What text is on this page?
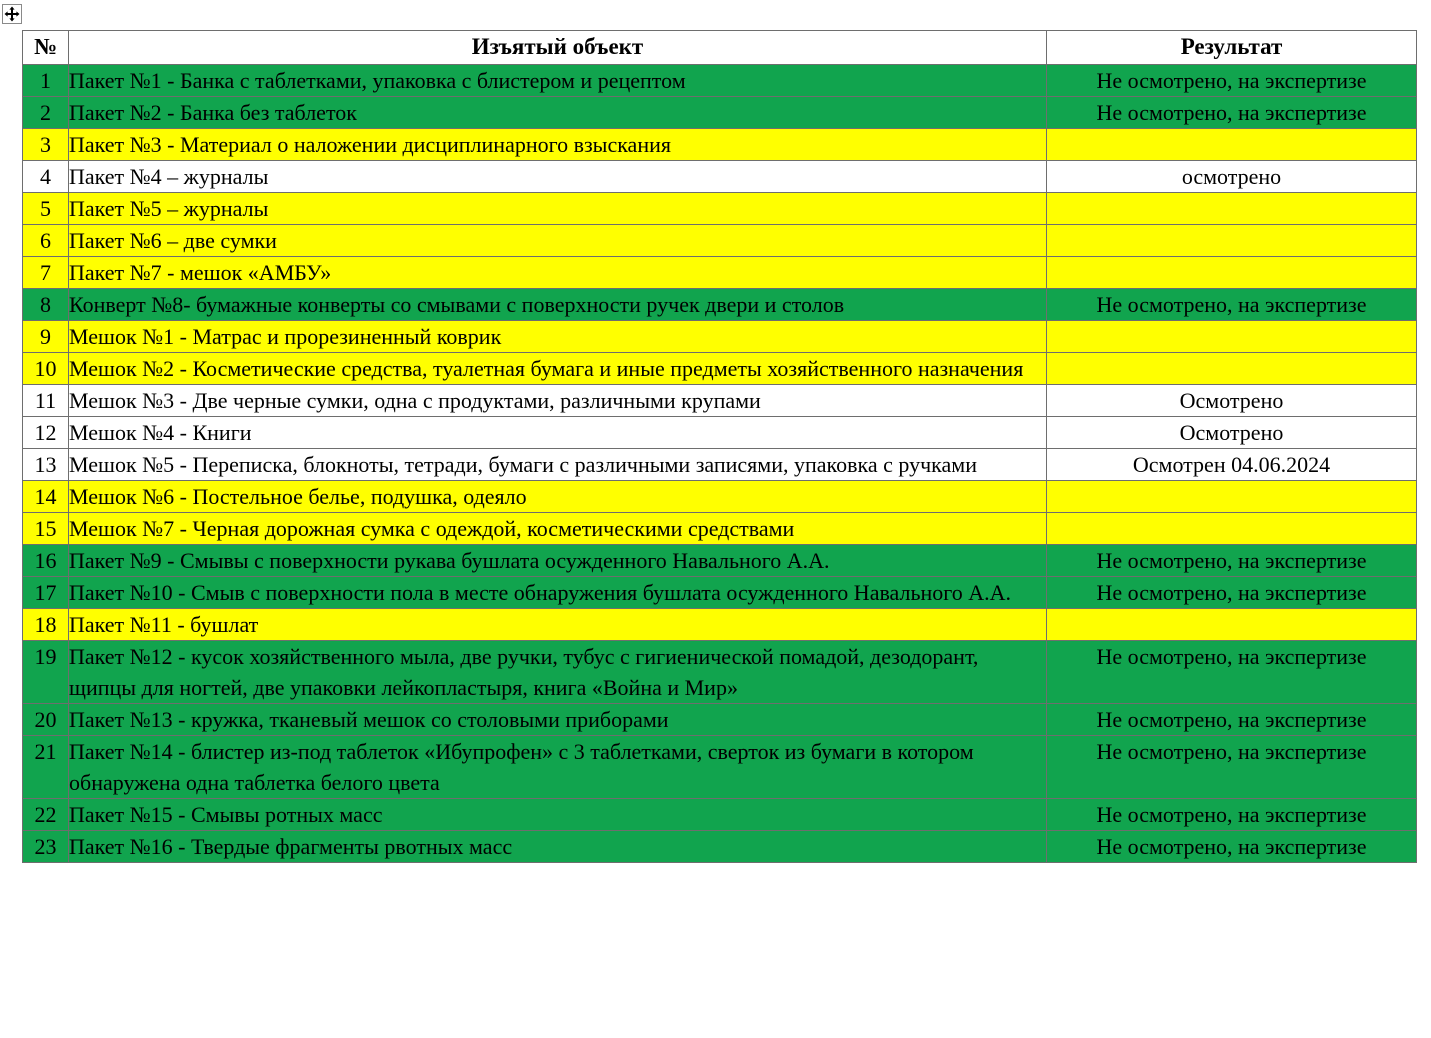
№	Изъятый объект	Результат
1	Пакет №1 - Банка с таблетками, упаковка с блистером и рецептом	Не осмотрено, на экспертизе
2	Пакет №2 - Банка без таблеток	Не осмотрено, на экспертизе
3	Пакет №3 - Материал о наложении дисциплинарного взыскания	
4	Пакет №4 – журналы	осмотрено
5	Пакет №5 – журналы	
6	Пакет №6 – две сумки	
7	Пакет №7 - мешок «АМБУ»	
8	Конверт №8- бумажные конверты со смывами с поверхности ручек двери и столов	Не осмотрено, на экспертизе
9	Мешок №1 - Матрас и прорезиненный коврик	
10	Мешок №2 - Косметические средства, туалетная бумага и иные предметы хозяйственного назначения	
11	Мешок №3 - Две черные сумки, одна с продуктами, различными крупами	Осмотрено
12	Мешок №4 - Книги	Осмотрено
13	Мешок №5 - Переписка, блокноты, тетради, бумаги с различными записями, упаковка с ручками	Осмотрен 04.06.2024
14	Мешок №6 - Постельное белье, подушка, одеяло	
15	Мешок №7 - Черная дорожная сумка с одеждой, косметическими средствами	
16	Пакет №9 - Смывы с поверхности рукава бушлата осужденного Навального А.А.	Не осмотрено, на экспертизе
17	Пакет №10 - Смыв с поверхности пола в месте обнаружения бушлата осужденного Навального А.А.	Не осмотрено, на экспертизе
18	Пакет №11 - бушлат	
19	Пакет №12 - кусок хозяйственного мыла, две ручки, тубус с гигиенической помадой, дезодорант, щипцы для ногтей, две упаковки лейкопластыря, книга «Война и Мир»	Не осмотрено, на экспертизе
20	Пакет №13 - кружка, тканевый мешок со столовыми приборами	Не осмотрено, на экспертизе
21	Пакет №14 - блистер из-под таблеток «Ибупрофен» с 3 таблетками, сверток из бумаги в котором обнаружена одна таблетка белого цвета	Не осмотрено, на экспертизе
22	Пакет №15 - Смывы ротных масс	Не осмотрено, на экспертизе
23	Пакет №16 - Твердые фрагменты рвотных масс	Не осмотрено, на экспертизе
